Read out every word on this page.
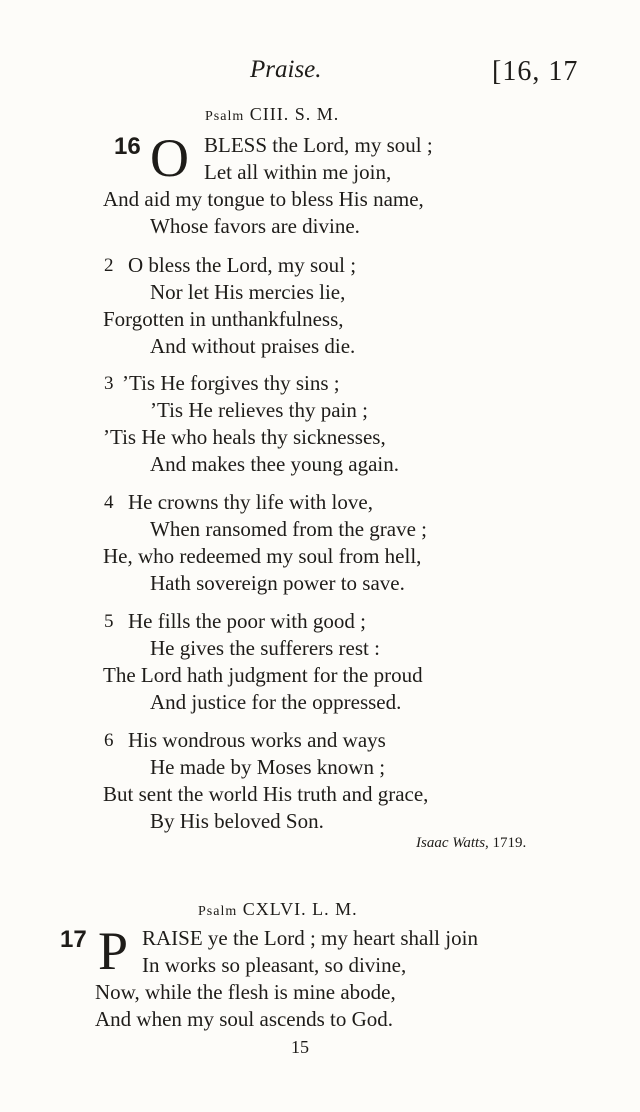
Praise.	[16, 17
Psalm CIII. S. M.
16 O BLESS the Lord, my soul ;
Let all within me join,
And aid my tongue to bless His name,
Whose favors are divine.
2 O bless the Lord, my soul ;
Nor let His mercies lie,
Forgotten in unthankfulness,
And without praises die.
3 ’Tis He forgives thy sins ;
’Tis He relieves thy pain ;
’Tis He who heals thy sicknesses,
And makes thee young again.
4 He crowns thy life with love,
When ransomed from the grave ;
He, who redeemed my soul from hell,
Hath sovereign power to save.
5 He fills the poor with good ;
He gives the sufferers rest :
The Lord hath judgment for the proud
And justice for the oppressed.
6 His wondrous works and ways
He made by Moses known ;
But sent the world His truth and grace,
By His beloved Son.
Isaac Watts, 1719.
Psalm CXLVI. L. M.
17 P RAISE ye the Lord ; my heart shall join
In works so pleasant, so divine,
Now, while the flesh is mine abode,
And when my soul ascends to God.
15
